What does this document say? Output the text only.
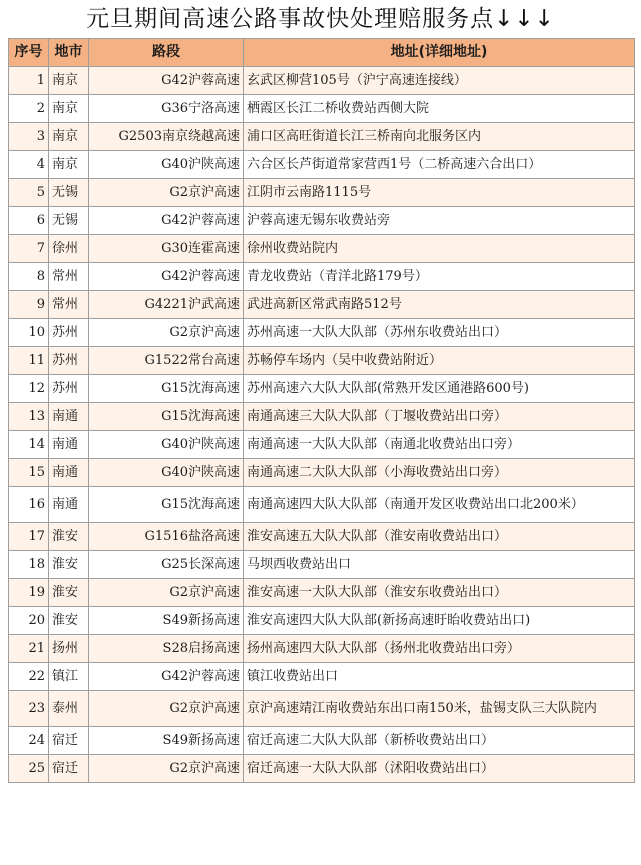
元旦期间高速公路事故快处理赔服务点↓↓↓
序号	地市	路段	地址(详细地址)
1	南京	G42沪蓉高速	玄武区柳营105号（沪宁高速连接线）
2	南京	G36宁洛高速	栖霞区长江二桥收费站西侧大院
3	南京	G2503南京绕越高速	浦口区高旺街道长江三桥南向北服务区内
4	南京	G40沪陕高速	六合区长芦街道常家营西1号（二桥高速六合出口）
5	无锡	G2京沪高速	江阴市云南路1115号
6	无锡	G42沪蓉高速	沪蓉高速无锡东收费站旁
7	徐州	G30连霍高速	徐州收费站院内
8	常州	G42沪蓉高速	青龙收费站（青洋北路179号）
9	常州	G4221沪武高速	武进高新区常武南路512号
10	苏州	G2京沪高速	苏州高速一大队大队部（苏州东收费站出口）
11	苏州	G1522常台高速	苏畅停车场内（吴中收费站附近）
12	苏州	G15沈海高速	苏州高速六大队大队部(常熟开发区通港路600号)
13	南通	G15沈海高速	南通高速三大队大队部（丁堰收费站出口旁）
14	南通	G40沪陕高速	南通高速一大队大队部（南通北收费站出口旁）
15	南通	G40沪陕高速	南通高速二大队大队部（小海收费站出口旁）
16	南通	G15沈海高速	南通高速四大队大队部（南通开发区收费站出口北200米）
17	淮安	G1516盐洛高速	淮安高速五大队大队部（淮安南收费站出口）
18	淮安	G25长深高速	马坝西收费站出口
19	淮安	G2京沪高速	淮安高速一大队大队部（淮安东收费站出口）
20	淮安	S49新扬高速	淮安高速四大队大队部(新扬高速盱眙收费站出口)
21	扬州	S28启扬高速	扬州高速四大队大队部（扬州北收费站出口旁）
22	镇江	G42沪蓉高速	镇江收费站出口
23	泰州	G2京沪高速	京沪高速靖江南收费站东出口南150米，盐锡支队三大队院内
24	宿迁	S49新扬高速	宿迁高速二大队大队部（新桥收费站出口）
25	宿迁	G2京沪高速	宿迁高速一大队大队部（沭阳收费站出口）
